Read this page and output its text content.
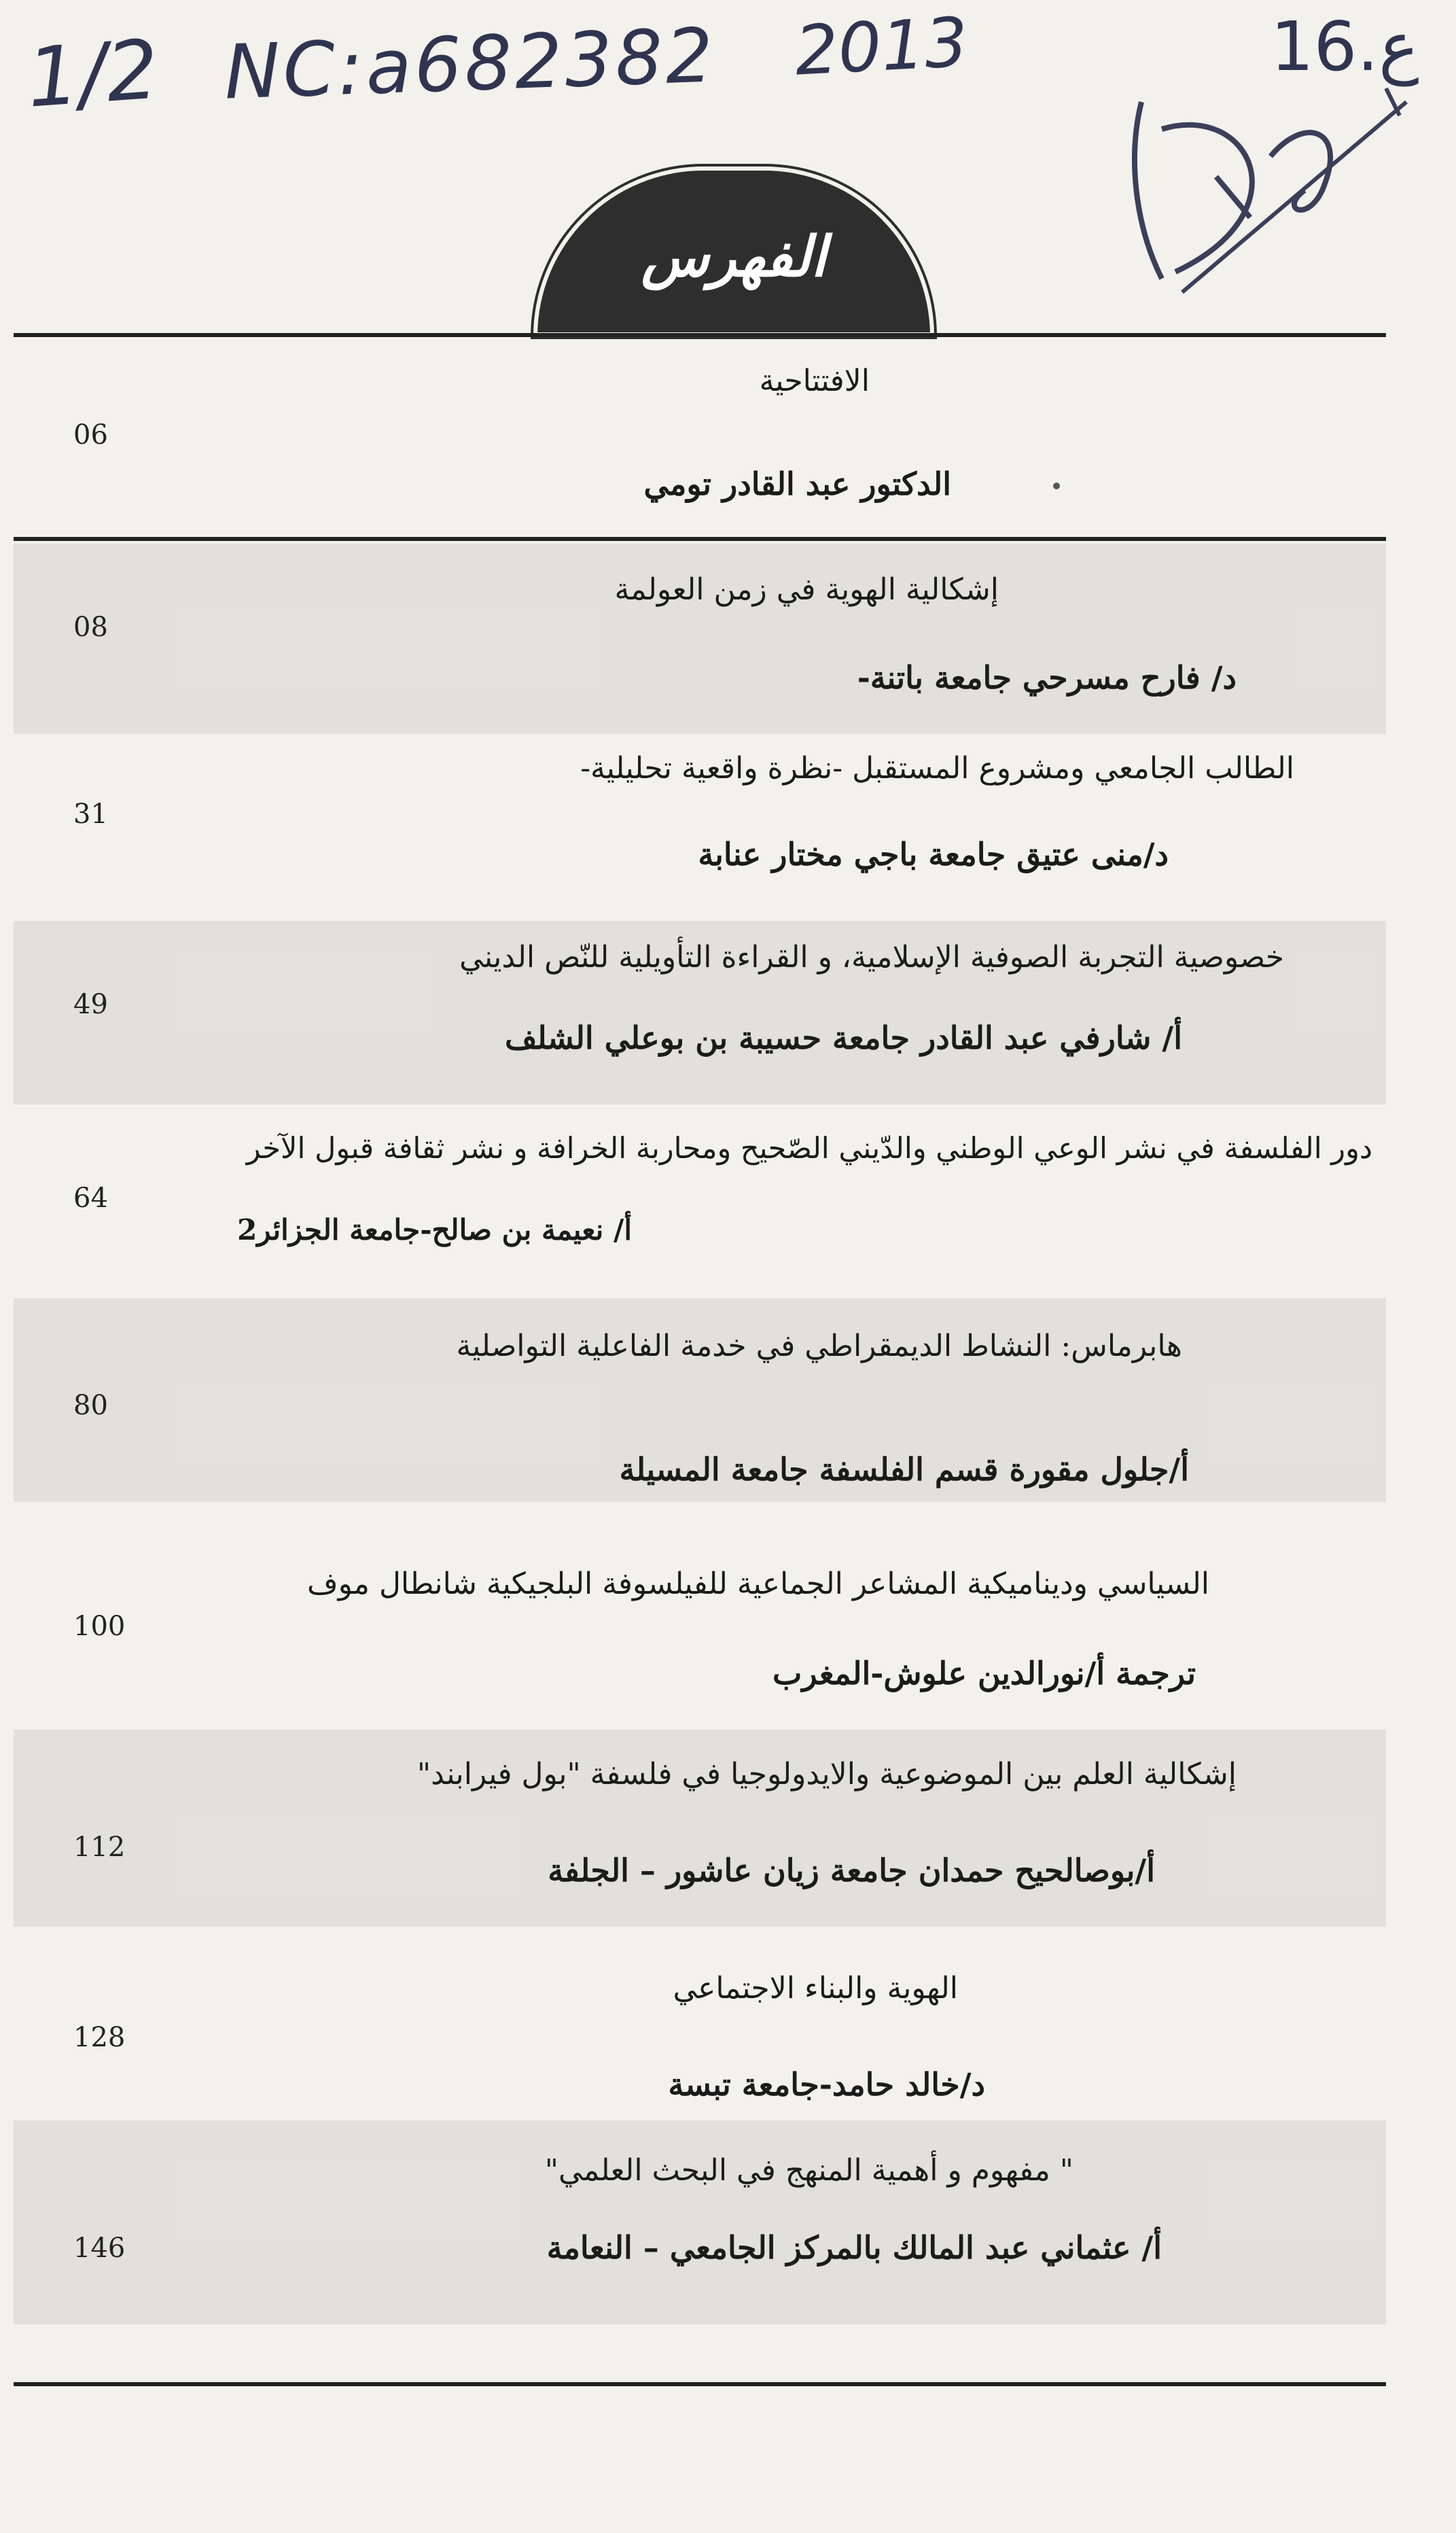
1/2 NC:a682382 2013	16.ع
الفهرس
الافتتاحية
06
الدكتور عبد القادر تومي
إشكالية الهوية في زمن العولمة
08
د/ فارح مسرحي جامعة باتنة-
الطالب الجامعي ومشروع المستقبل -نظرة واقعية تحليلية-
31
د/منى عتيق جامعة باجي مختار عنابة
خصوصية التجربة الصوفية الإسلامية، و القراءة التأويلية للنّص الديني
49
أ/ شارفي عبد القادر جامعة حسيبة بن بوعلي الشلف
دور الفلسفة في نشر الوعي الوطني والدّيني الصّحيح ومحاربة الخرافة و نشر ثقافة قبول الآخر
64
أ/ نعيمة بن صالح-جامعة الجزائر2
هابرماس: النشاط الديمقراطي في خدمة الفاعلية التواصلية
80
أ/جلول مقورة قسم الفلسفة جامعة المسيلة
السياسي وديناميكية المشاعر الجماعية للفيلسوفة البلجيكية شانطال موف
100
ترجمة أ/نورالدين علوش-المغرب
إشكالية العلم بين الموضوعية والايدولوجيا في فلسفة "بول فيرابند"
112
أ/بوصالحيح حمدان جامعة زيان عاشور – الجلفة
الهوية والبناء الاجتماعي
128
د/خالد حامد-جامعة تبسة
" مفهوم و أهمية المنهج في البحث العلمي"
146	أ/ عثماني عبد المالك بالمركز الجامعي – النعامة
